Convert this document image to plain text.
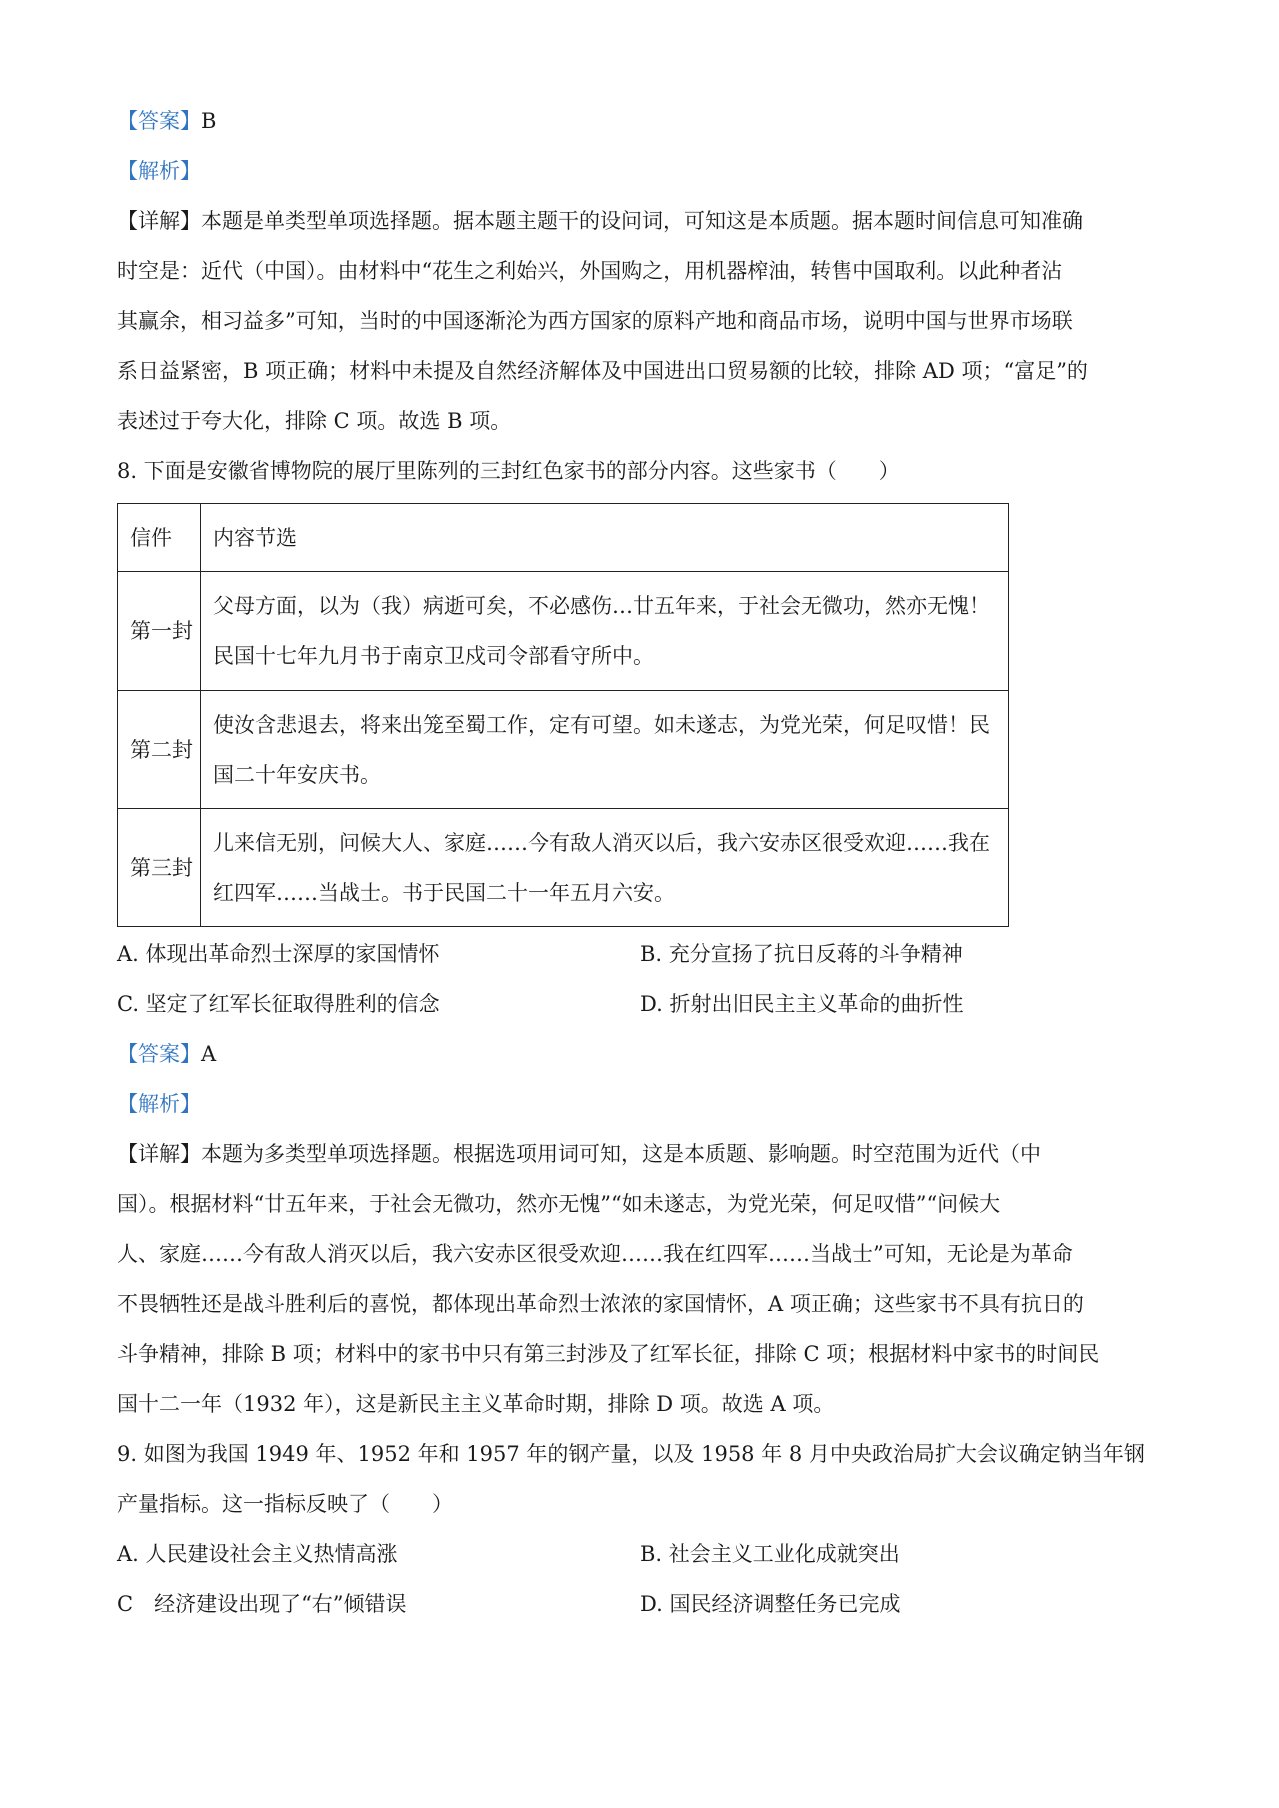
【答案】B
【解析】
【详解】本题是单类型单项选择题。据本题主题干的设问词，可知这是本质题。据本题时间信息可知准确
时空是：近代（中国）。由材料中“花生之利始兴，外国购之，用机器榨油，转售中国取利。以此种者沾
其赢余，相习益多”可知，当时的中国逐渐沦为西方国家的原料产地和商品市场，说明中国与世界市场联
系日益紧密，B 项正确；材料中未提及自然经济解体及中国进出口贸易额的比较，排除 AD 项；“富足”的
表述过于夸大化，排除 C 项。故选 B 项。
8. 下面是安徽省博物院的展厅里陈列的三封红色家书的部分内容。这些家书（　　）
信件	内容节选
第一封	父母方面，以为（我）病逝可矣，不必感伤…廿五年来，于社会无微功，然亦无愧！民国十七年九月书于南京卫戍司令部看守所中。
第二封	使汝含悲退去，将来出笼至蜀工作，定有可望。如未遂志，为党光荣，何足叹惜！民国二十年安庆书。
第三封	儿来信无别，问候大人、家庭……今有敌人消灭以后，我六安赤区很受欢迎……我在红四军……当战士。书于民国二十一年五月六安。
A. 体现出革命烈士深厚的家国情怀	B. 充分宣扬了抗日反蒋的斗争精神
C. 坚定了红军长征取得胜利的信念	D. 折射出旧民主主义革命的曲折性
【答案】A
【解析】
【详解】本题为多类型单项选择题。根据选项用词可知，这是本质题、影响题。时空范围为近代（中
国）。根据材料“廿五年来，于社会无微功，然亦无愧”“如未遂志，为党光荣，何足叹惜”“问候大
人、家庭……今有敌人消灭以后，我六安赤区很受欢迎……我在红四军……当战士”可知，无论是为革命
不畏牺牲还是战斗胜利后的喜悦，都体现出革命烈士浓浓的家国情怀，A 项正确；这些家书不具有抗日的
斗争精神，排除 B 项；材料中的家书中只有第三封涉及了红军长征，排除 C 项；根据材料中家书的时间民
国十二一年（1932 年），这是新民主主义革命时期，排除 D 项。故选 A 项。
9. 如图为我国 1949 年、1952 年和 1957 年的钢产量，以及 1958 年 8 月中央政治局扩大会议确定钠当年钢
产量指标。这一指标反映了（　　）
A. 人民建设社会主义热情高涨	B. 社会主义工业化成就突出
C　经济建设出现了“右”倾错误	D. 国民经济调整任务已完成
